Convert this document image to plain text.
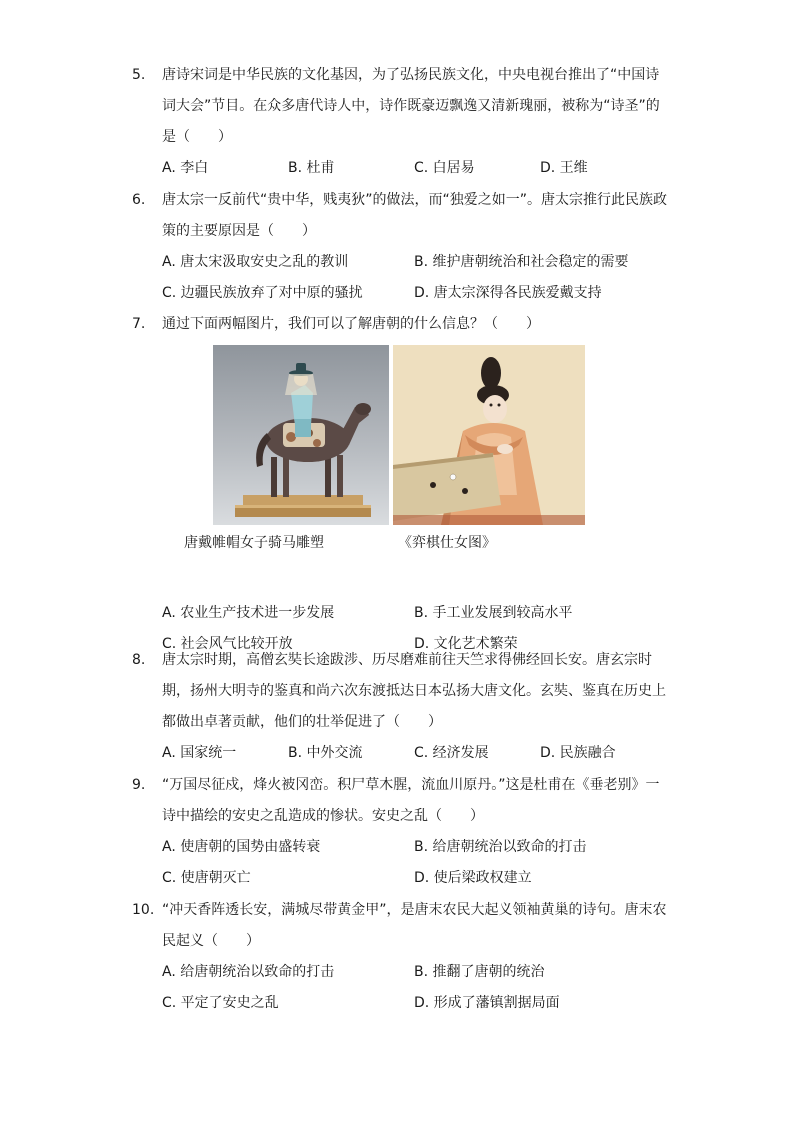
5.	唐诗宋词是中华民族的文化基因，为了弘扬民族文化，中央电视台推出了“中国诗词大会”节目。在众多唐代诗人中，诗作既豪迈飘逸又清新瑰丽，被称为“诗圣”的是（　　）
A. 李白	B. 杜甫	C. 白居易	D. 王维
6.	唐太宗一反前代“贵中华，贱夷狄”的做法，而“独爱之如一”。唐太宗推行此民族政策的主要原因是（　　）
A. 唐太宋汲取安史之乱的教训	B. 维护唐朝统治和社会稳定的需要
C. 边疆民族放弃了对中原的骚扰	D. 唐太宗深得各民族爱戴支持
7.	通过下面两幅图片，我们可以了解唐朝的什么信息？（　　）
唐戴帷帽女子骑马雕塑	《弈棋仕女图》
A. 农业生产技术进一步发展	B. 手工业发展到较高水平
C. 社会风气比较开放	D. 文化艺术繁荣
8.	唐太宗时期，高僧玄奘长途跋涉、历尽磨难前往天竺求得佛经回长安。唐玄宗时期，扬州大明寺的鉴真和尚六次东渡抵达日本弘扬大唐文化。玄奘、鉴真在历史上都做出卓著贡献，他们的壮举促进了（　　）
A. 国家统一	B. 中外交流	C. 经济发展	D. 民族融合
9.	“万国尽征戍，烽火被冈峦。积尸草木腥，流血川原丹。”这是杜甫在《垂老别》一诗中描绘的安史之乱造成的惨状。安史之乱（　　）
A. 使唐朝的国势由盛转衰	B. 给唐朝统治以致命的打击
C. 使唐朝灭亡	D. 使后梁政权建立
10. “冲天香阵透长安，满城尽带黄金甲”，是唐末农民大起义领袖黄巢的诗句。唐末农民起义（　　）
A. 给唐朝统治以致命的打击	B. 推翻了唐朝的统治
C. 平定了安史之乱	D. 形成了藩镇割据局面
